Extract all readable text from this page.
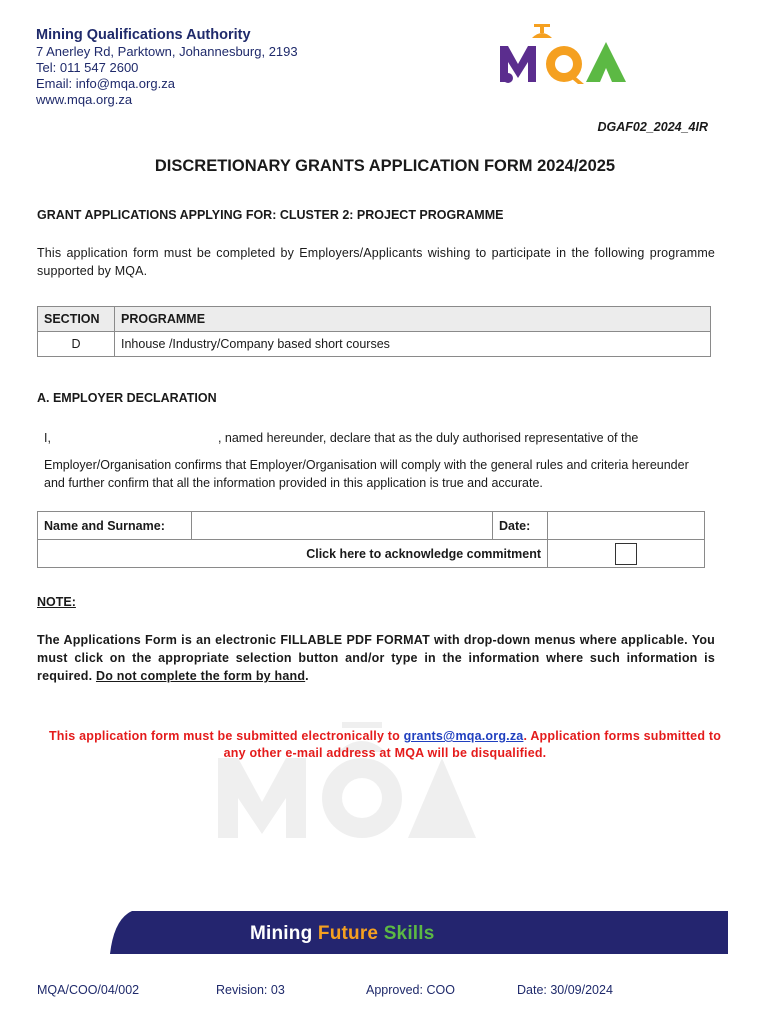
Mining Qualifications Authority
7 Anerley Rd, Parktown, Johannesburg, 2193
Tel: 011 547 2600
Email: info@mqa.org.za
www.mqa.org.za
DGAF02_2024_4IR
DISCRETIONARY GRANTS APPLICATION FORM 2024/2025
GRANT APPLICATIONS APPLYING FOR: CLUSTER 2: PROJECT PROGRAMME
This application form must be completed by Employers/Applicants wishing to participate in the following programme supported by MQA.
SECTION	PROGRAMME
D	Inhouse /Industry/Company based short courses
A. EMPLOYER DECLARATION
I,	, named hereunder, declare that as the duly authorised representative of the
Employer/Organisation confirms that Employer/Organisation will comply with the general rules and criteria hereunder and further confirm that all the information provided in this application is true and accurate.
Name and Surname:		Date:	
Click here to acknowledge commitment			
NOTE:
The Applications Form is an electronic FILLABLE PDF FORMAT with drop-down menus where applicable. You must click on the appropriate selection button and/or type in the information where such information is required. Do not complete the form by hand.
This application form must be submitted electronically to grants@mqa.org.za. Application forms submitted to any other e-mail address at MQA will be disqualified.
Mining Future Skills
MQA/COO/04/002	Revision: 03	Approved: COO	Date: 30/09/2024
